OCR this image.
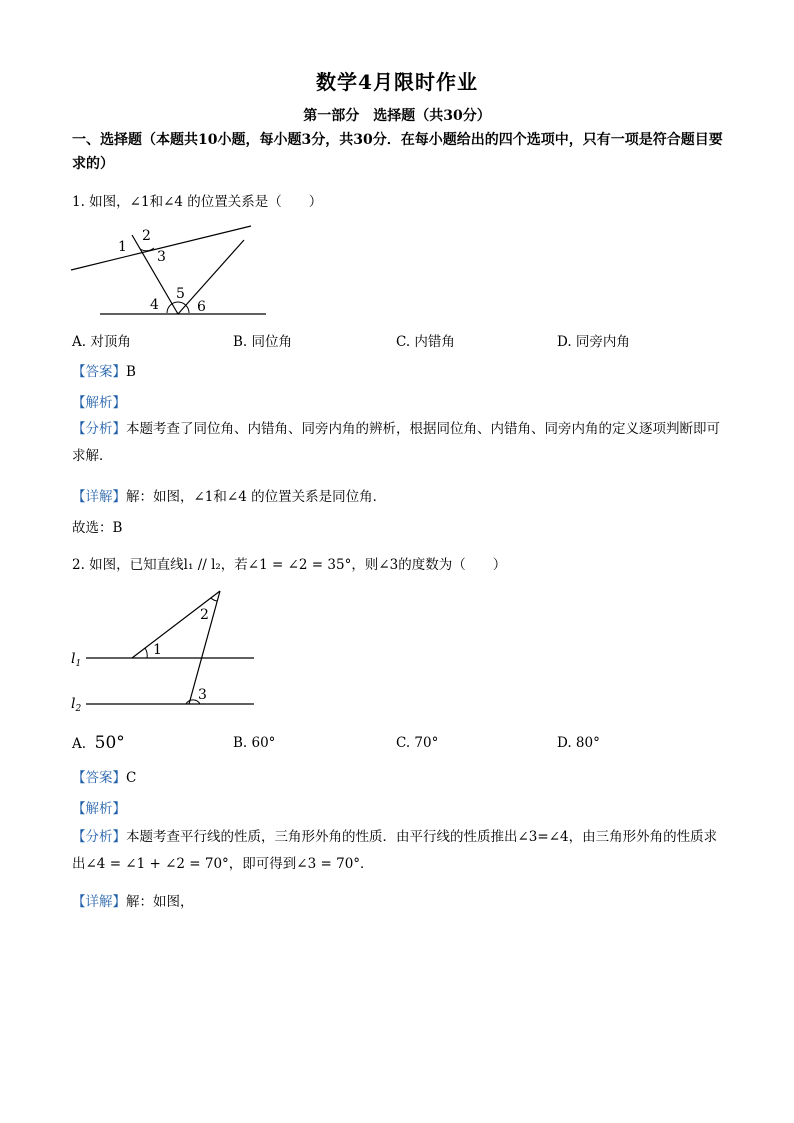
数学4月限时作业
第一部分　选择题（共30分）
一、选择题（本题共10小题，每小题3分，共30分．在每小题给出的四个选项中，只有一项是符合题目要求的）
1. 如图，∠1和∠4 的位置关系是（　　）
1
2
3
4
5
6
A. 对顶角	B. 同位角	C. 内错角	D. 同旁内角
【答案】B
【解析】
【分析】本题考查了同位角、内错角、同旁内角的辨析，根据同位角、内错角、同旁内角的定义逐项判断即可求解．
【详解】解：如图，∠1和∠4 的位置关系是同位角．
故选：B
2. 如图，已知直线l₁ // l₂，若∠1 = ∠2 = 35°，则∠3的度数为（　　）
$l_1$
$l_2$
1
2
3
A. 50°	B. 60°	C. 70°	D. 80°
【答案】C
【解析】
【分析】本题考查平行线的性质，三角形外角的性质．由平行线的性质推出∠3=∠4，由三角形外角的性质求出∠4 = ∠1 + ∠2 = 70°，即可得到∠3 = 70°．
【详解】解：如图，
